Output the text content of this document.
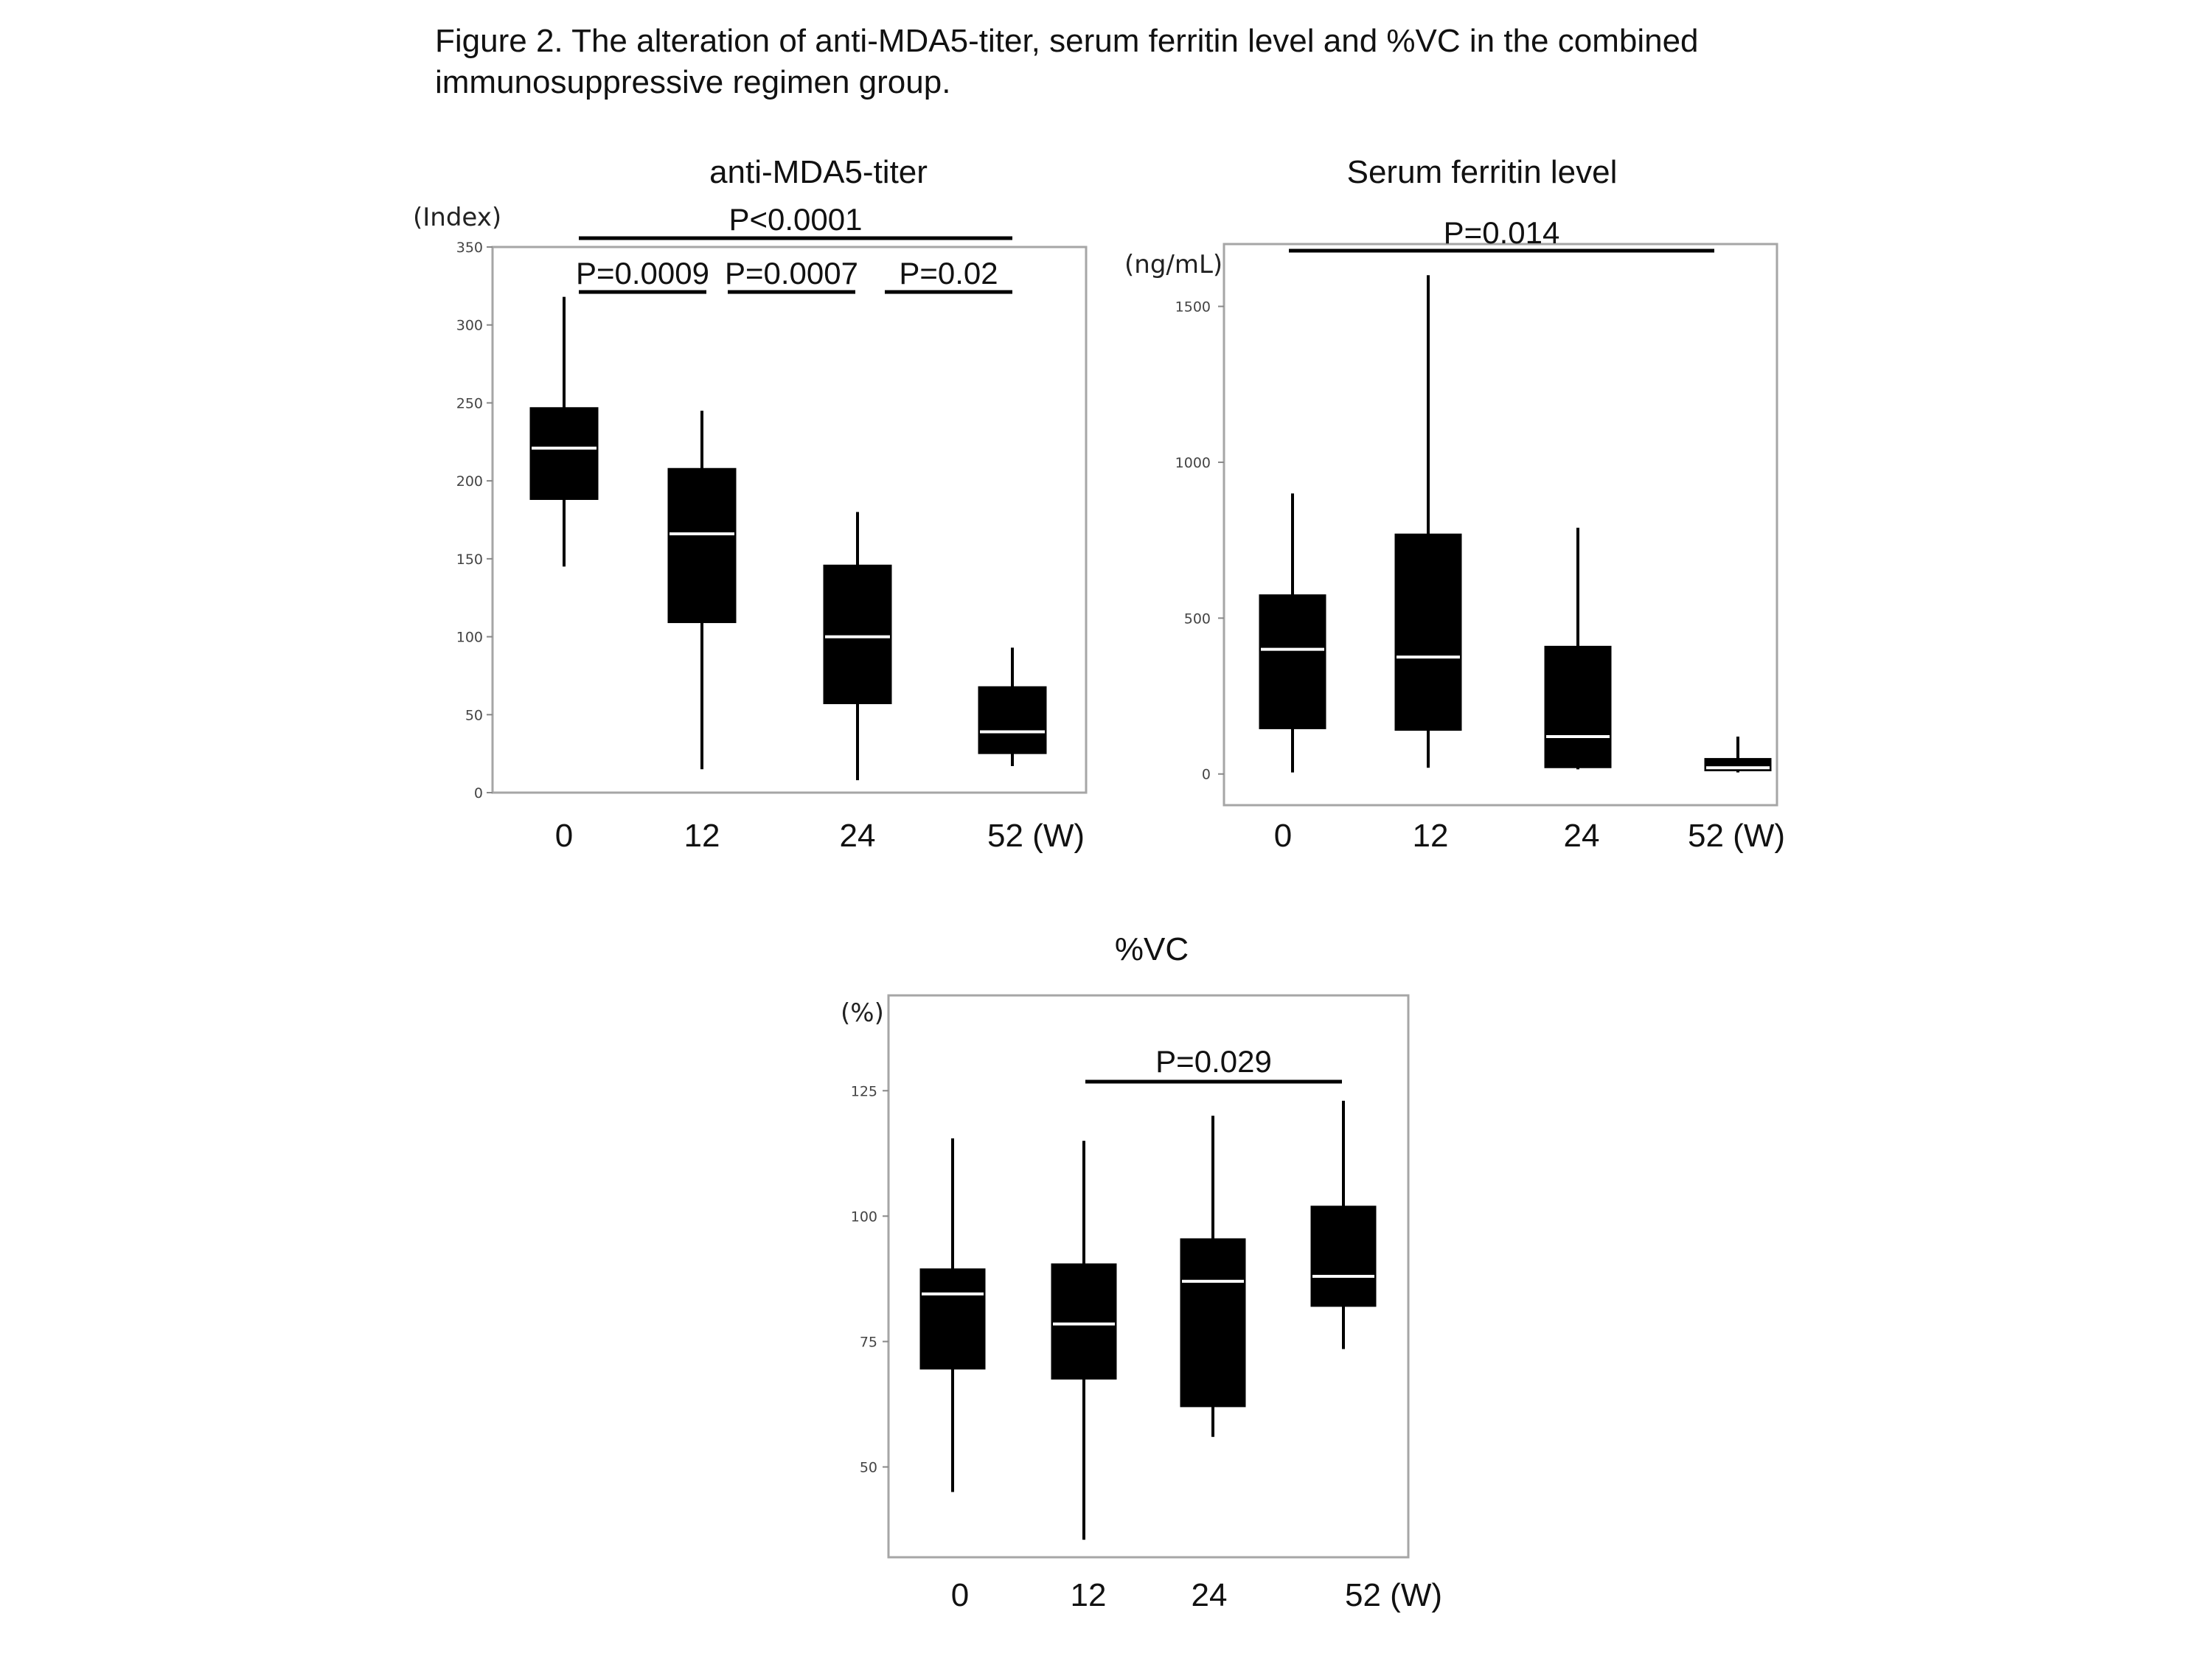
Figure 2. The alteration of anti-MDA5-titer, serum ferritin level and %VC in the combined
immunosuppressive regimen group.
anti-MDA5-titer
(Index)
0
50
100
150
200
250
300
350
0	12	24	52 (W)
P<0.0001
P=0.0009 P=0.0007 P=0.02
Serum ferritin level
(ng/mL)
0
500
1000
1500
0	12	24	52 (W)
P=0.014
%VC
(%)
50
75
100
125
0	12	24	52 (W)
P=0.029
